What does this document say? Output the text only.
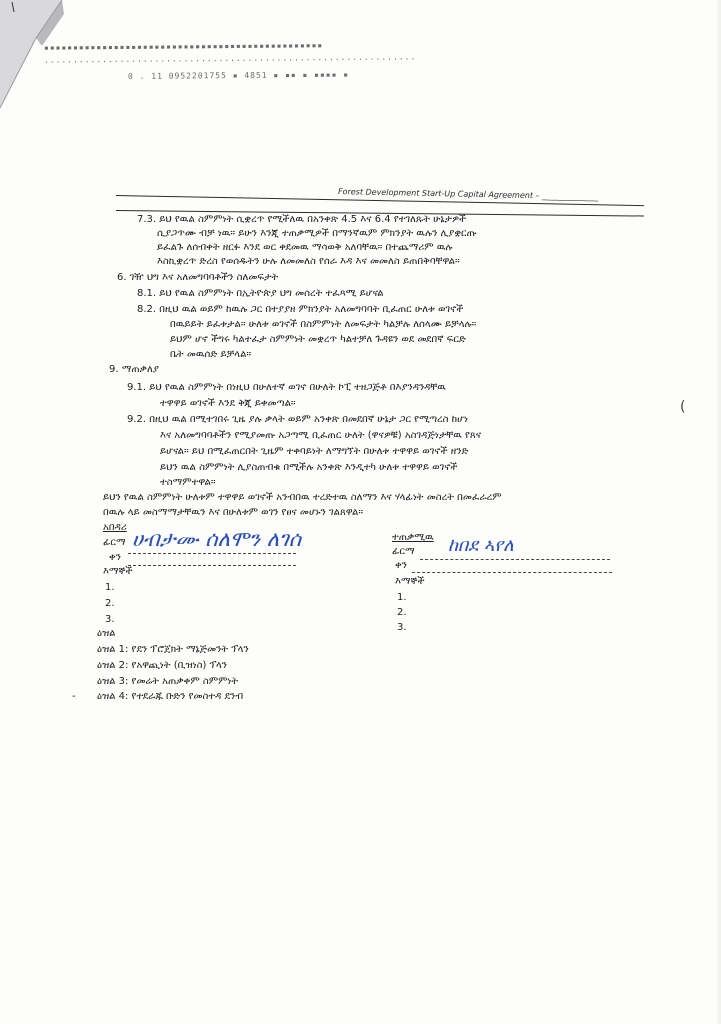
▪▪▪▪▪▪▪▪▪▪▪▪▪▪▪▪▪▪▪▪▪▪▪▪▪▪▪▪▪▪▪▪▪▪▪▪▪▪▪▪▪▪▪▪▪▪▪▪
................................................................
0 . 11 0952201755 ▪ 4851 ▪ ▪▪ ▪ ▪▪▪▪ ▪
Forest Development Start-Up Capital Agreement – ______________
7.3. ይህ የዉል ስምምነት ሲቋረጥ የሚችለዉ በአንቀጽ 4.5 እና 6.4 የተገለጹት ሁኔታዎች
ሲያጋጥሙ ብቻ ነዉ። ይሁን እንጂ ተጠቃሚዎች በማንኛዉም ምክንያት ዉሉን ሊያቋርጡ
ይፈልጉ ለሰብቀት ዘርፉ እንደ ወር ቀደመዉ ማሳወቅ አለባቸዉ። በተጨማሪም ዉሉ
እስኪቋረጥ ድረስ የወሰዱትን ሁሉ ለመመለስ የሰራ እዳ እና መመለስ ይጠበቅባቸዋል።
6. ገዥ ህግ እና አለመግባባቶችን ስለመፍታት
8.1. ይህ የዉል ስምምነት በኢትዮጵያ ህግ መሰረት ተፈጻሚ ይሆናል
8.2. በዚህ ዉል ወይም ከዉሉ ጋር በተያያዘ ምክንያት አለመግባባት ቢፈጠር ሁለቱ ወገኖች
በዉይይት ይፈቱታል። ሁለቱ ወገኖች በስምምነት ለመፍታት ካልቻሉ ለሰላሙ ይቻላሉ።
ይህም ሆኖ ችግሩ ካልተፈታ ስምምነት መቋረጥ ካልተቻለ ጉዳዩን ወደ መደበኛ ፍርድ
ቤት መዉሰድ ይቻላል።
9. ማጠቃለያ
9.1. ይህ የዉል ስምምነት በነዚህ በሁለተኛ ወገኖ በሁለት ኮፒ ተዘጋጅቶ በእያንዳንዳቸዉ
ተዋዋይ ወገኖች እንደ ቅጂ ይቀመጣል።
9.2. በዚህ ዉል በሚተገበሩ ጊዜ ያሉ ቃላት ወይም አንቀጽ በመደበኛ ሁኔታ ጋር የሚጣረስ ከሆነ
እና አለመግባባቶችን የሚያመጡ አጋጣሚ ቢፈጠር ሁለት (ዋናዎቹ) አስገዳጅነታቸዉ የጸና
ይሆናል። ይህ በሚፈጠርበት ጊዜም ተቀባይነት ለማግኘት በሁለቱ ተዋዋይ ወገኖች ዘንድ
ይህን ዉል ስምምነት ሊያስጠብቁ በሚችሉ አንቀጽ እንዲተካ ሁለቱ ተዋዋይ ወገኖች
ተስማምተዋል።
ይህን የዉል ስምምነት ሁለቱም ተዋዋይ ወገኖች አንብበዉ ተረድተዉ ስለማን እና ሃላፊነት መስረት በመፈራረም
በዉሉ ላይ መስማማታቸዉን እና በሁለቱም ወገን የፀና መሆኑን ገልጸዋል።
አበዳሪ
ፊርማ ሀብታሙ ሰለሞን ለገሰ
ቀን
እማኞች
1.
2.
3.
ተጠቃሚዉ
ፊርማ ከበደ ኣየለ
ቀን
እማኞች
1.
2.
3.
ዕዝል
ዕዝል 1: የደን ፕሮጀክት ማኔጅመንት ፕላን
ዕዝል 2: የአዋጪነት (ቢዝነስ) ፕላን
ዕዝል 3: የመሬት አጠቃቀም ስምምነት
ዕዝል 4: የተደራጁ ቡድን የመስተዳ ደንብ
-
(
